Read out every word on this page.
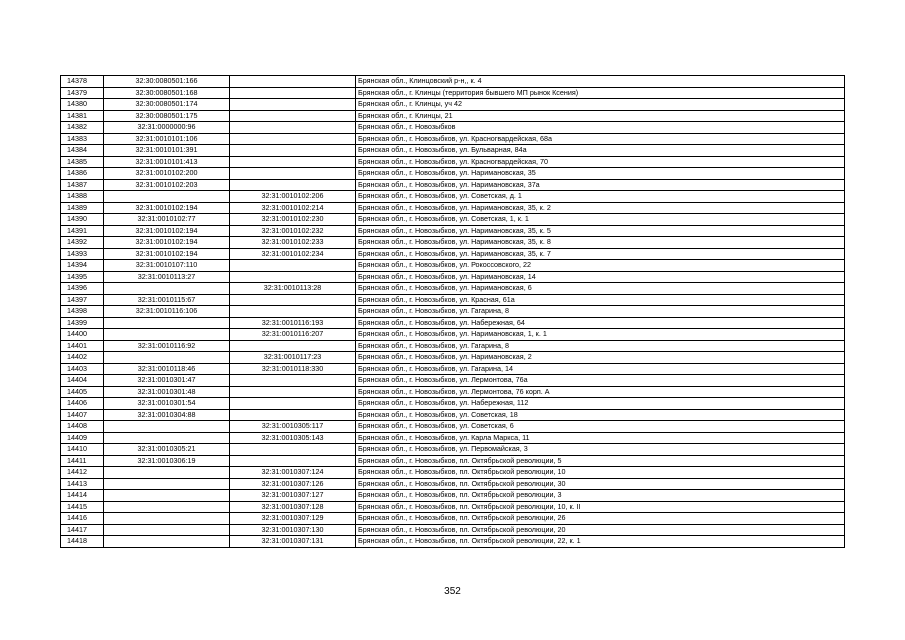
14378	32:30:0080501:166		Брянская обл., Клинцовский р-н,, к. 4
14379	32:30:0080501:168		Брянская обл., г. Клинцы (территория бывшего МП рынок Ксения)
14380	32:30:0080501:174		Брянская обл., г. Клинцы, уч 42
14381	32:30:0080501:175		Брянская обл., г. Клинцы, 21
14382	32:31:0000000:96		Брянская обл., г. Новозыбков
14383	32:31:0010101:106		Брянская обл., г. Новозыбков, ул. Красногвардейская, 68а
14384	32:31:0010101:391		Брянская обл., г. Новозыбков, ул. Бульварная, 84а
14385	32:31:0010101:413		Брянская обл., г. Новозыбков, ул. Красногвардейская, 70
14386	32:31:0010102:200		Брянская обл., г. Новозыбков, ул. Наримановская, 35
14387	32:31:0010102:203		Брянская обл., г. Новозыбков, ул. Наримановская, 37а
14388		32:31:0010102:206	Брянская обл., г. Новозыбков, ул. Советская, д. 1
14389	32:31:0010102:194	32:31:0010102:214	Брянская обл., г. Новозыбков, ул. Наримановская, 35, к. 2
14390	32:31:0010102:77	32:31:0010102:230	Брянская обл., г. Новозыбков, ул. Советская, 1, к. 1
14391	32:31:0010102:194	32:31:0010102:232	Брянская обл., г. Новозыбков, ул. Наримановская, 35, к. 5
14392	32:31:0010102:194	32:31:0010102:233	Брянская обл., г. Новозыбков, ул. Наримановская, 35, к. 8
14393	32:31:0010102:194	32:31:0010102:234	Брянская обл., г. Новозыбков, ул. Наримановская, 35, к. 7
14394	32:31:0010107:110		Брянская обл., г. Новозыбков, ул. Рокоссовского, 22
14395	32:31:0010113:27		Брянская обл., г. Новозыбков, ул. Наримановская, 14
14396		32:31:0010113:28	Брянская обл., г. Новозыбков, ул. Наримановская, 6
14397	32:31:0010115:67		Брянская обл., г. Новозыбков, ул. Красная, 61а
14398	32:31:0010116:106		Брянская обл., г. Новозыбков, ул. Гагарина, 8
14399		32:31:0010116:193	Брянская обл., г. Новозыбков, ул. Набережная, 64
14400		32:31:0010116:207	Брянская обл., г. Новозыбков, ул. Наримановская, 1, к. 1
14401	32:31:0010116:92		Брянская обл., г. Новозыбков, ул. Гагарина, 8
14402		32:31:0010117:23	Брянская обл., г. Новозыбков, ул. Наримановская, 2
14403	32:31:0010118:46	32:31:0010118:330	Брянская обл., г. Новозыбков, ул. Гагарина, 14
14404	32:31:0010301:47		Брянская обл., г. Новозыбков, ул. Лермонтова, 76а
14405	32:31:0010301:48		Брянская обл., г. Новозыбков, ул. Лермонтова, 76 корп. А
14406	32:31:0010301:54		Брянская обл., г. Новозыбков, ул. Набережная, 112
14407	32:31:0010304:88		Брянская обл., г. Новозыбков, ул. Советская, 18
14408		32:31:0010305:117	Брянская обл., г. Новозыбков, ул. Советская, 6
14409		32:31:0010305:143	Брянская обл., г. Новозыбков, ул. Карла Маркса, 11
14410	32:31:0010305:21		Брянская обл., г. Новозыбков, ул. Первомайская, 3
14411	32:31:0010306:19		Брянская обл., г. Новозыбков, пл. Октябрьской революции, 5
14412		32:31:0010307:124	Брянская обл., г. Новозыбков, пл. Октябрьской революции, 10
14413		32:31:0010307:126	Брянская обл., г. Новозыбков, пл. Октябрьской революции, 30
14414		32:31:0010307:127	Брянская обл., г. Новозыбков, пл. Октябрьской революции, 3
14415		32:31:0010307:128	Брянская обл., г. Новозыбков, пл. Октябрьской революции, 10, к. II
14416		32:31:0010307:129	Брянская обл., г. Новозыбков, пл. Октябрьской революции, 26
14417		32:31:0010307:130	Брянская обл., г. Новозыбков, пл. Октябрьской революции, 20
14418		32:31:0010307:131	Брянская обл., г. Новозыбков, пл. Октябрьской революции, 22, к. 1
352
